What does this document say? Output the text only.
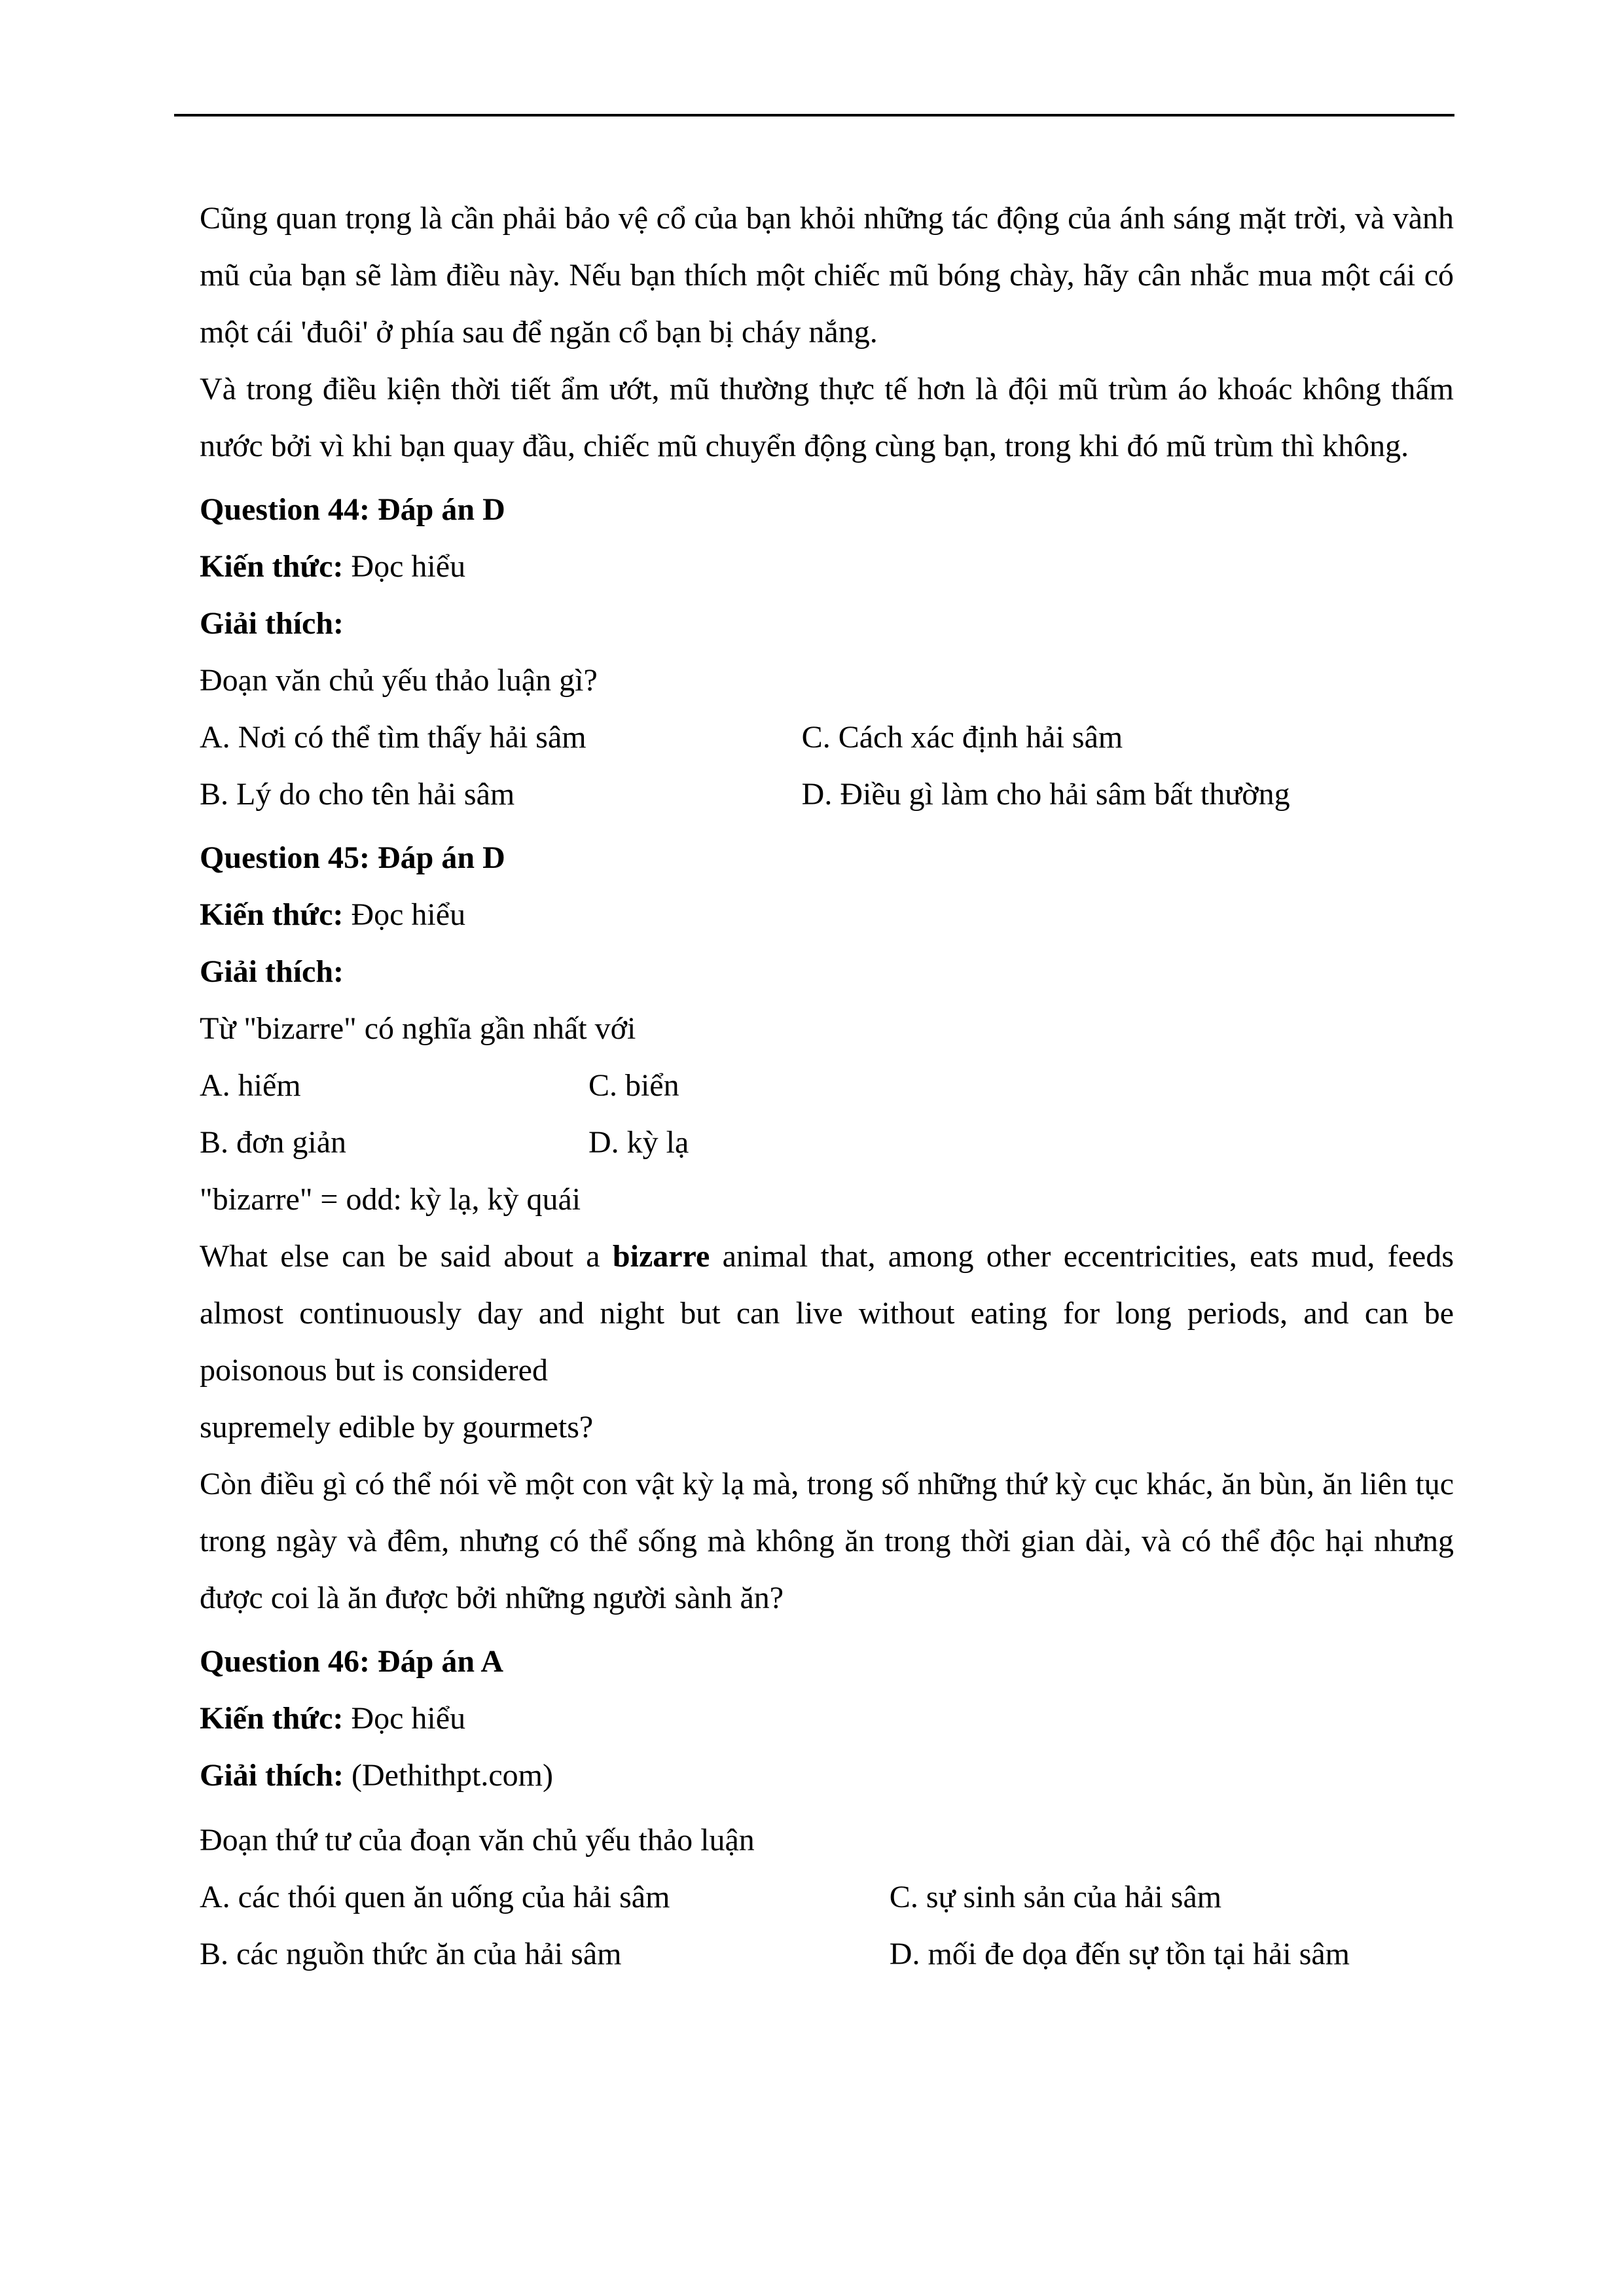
Cũng quan trọng là cần phải bảo vệ cổ của bạn khỏi những tác động của ánh sáng mặt trời, và vành mũ của bạn sẽ làm điều này. Nếu bạn thích một chiếc mũ bóng chày, hãy cân nhắc mua một cái có một cái 'đuôi' ở phía sau để ngăn cổ bạn bị cháy nắng.

Và trong điều kiện thời tiết ẩm ướt, mũ thường thực tế hơn là đội mũ trùm áo khoác không thấm nước bởi vì khi bạn quay đầu, chiếc mũ chuyển động cùng bạn, trong khi đó mũ trùm thì không.

Question 44: Đáp án D

Kiến thức: Đọc hiểu

Giải thích:

Đoạn văn chủ yếu thảo luận gì?

A. Nơi có thể tìm thấy hải sâm	C. Cách xác định hải sâm
B. Lý do cho tên hải sâm	D. Điều gì làm cho hải sâm bất thường

Question 45: Đáp án D

Kiến thức: Đọc hiểu

Giải thích:

Từ "bizarre" có nghĩa gần nhất với

A. hiếm	C. biển
B. đơn giản	D. kỳ lạ

"bizarre" = odd: kỳ lạ, kỳ quái

What else can be said about a bizarre animal that, among other eccentricities, eats mud, feeds almost continuously day and night but can live without eating for long periods, and can be poisonous but is considered

supremely edible by gourmets?

Còn điều gì có thể nói về một con vật kỳ lạ mà, trong số những thứ kỳ cục khác, ăn bùn, ăn liên tục trong ngày và đêm, nhưng có thể sống mà không ăn trong thời gian dài, và có thể độc hại nhưng được coi là ăn được bởi những người sành ăn?

Question 46: Đáp án A

Kiến thức: Đọc hiểu

Giải thích: (Dethithpt.com)

Đoạn thứ tư của đoạn văn chủ yếu thảo luận

A. các thói quen ăn uống của hải sâm	C. sự sinh sản của hải sâm
B. các nguồn thức ăn của hải sâm	D. mối đe dọa đến sự tồn tại hải sâm
